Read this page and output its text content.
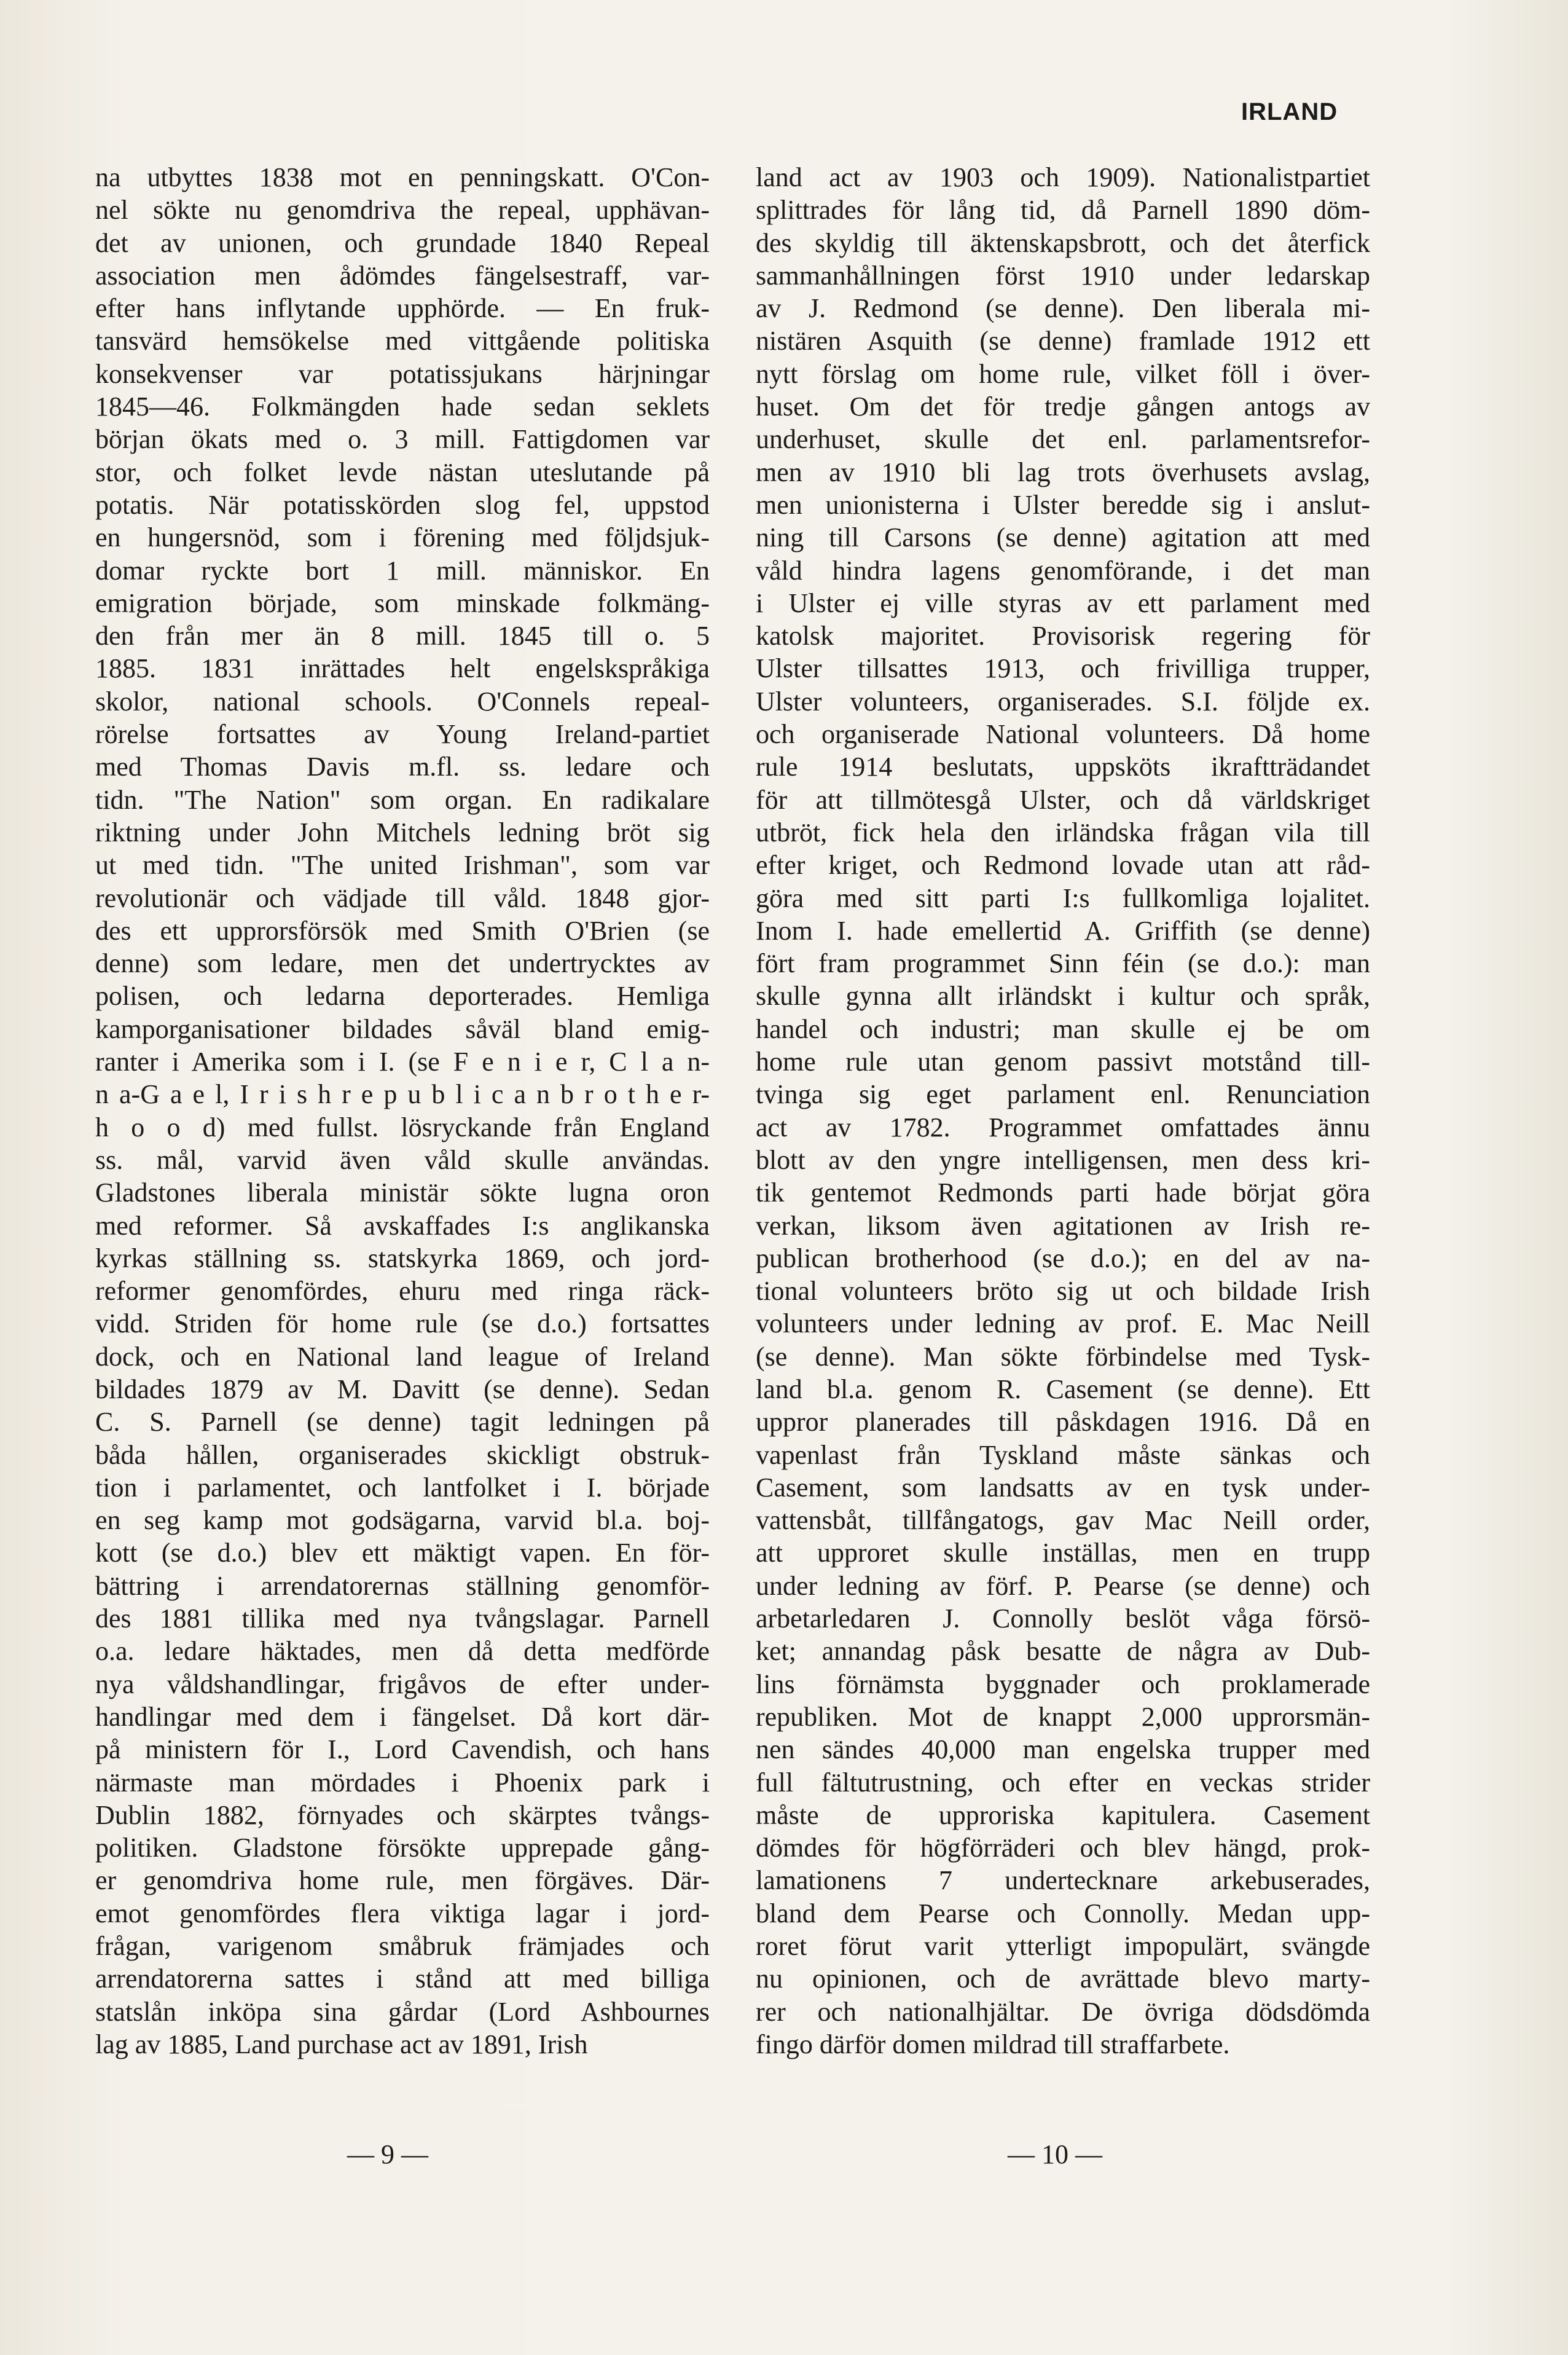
IRLAND
na utbyttes 1838 mot en penningskatt. O'Con-
nel sökte nu genomdriva the repeal, upphävan-
det av unionen, och grundade 1840 Repeal
association men ådömdes fängelsestraff, var-
efter hans inflytande upphörde. — En fruk-
tansvärd hemsökelse med vittgående politiska
konsekvenser var potatissjukans härjningar
1845—46. Folkmängden hade sedan seklets
början ökats med o. 3 mill. Fattigdomen var
stor, och folket levde nästan uteslutande på
potatis. När potatisskörden slog fel, uppstod
en hungersnöd, som i förening med följdsjuk-
domar ryckte bort 1 mill. människor. En
emigration började, som minskade folkmäng-
den från mer än 8 mill. 1845 till o. 5
1885. 1831 inrättades helt engelskspråkiga
skolor, national schools. O'Connels repeal-
rörelse fortsattes av Young Ireland-partiet
med Thomas Davis m.fl. ss. ledare och
tidn. "The Nation" som organ. En radikalare
riktning under John Mitchels ledning bröt sig
ut med tidn. "The united Irishman", som var
revolutionär och vädjade till våld. 1848 gjor-
des ett upprorsförsök med Smith O'Brien (se
denne) som ledare, men det undertrycktes av
polisen, och ledarna deporterades. Hemliga
kamporganisationer bildades såväl bland emig-
ranter i Amerika som i I. (se F e n i e r, C l a n-
n a-G a e l, I r i s h r e p u b l i c a n b r o t h e r-
h o o d) med fullst. lösryckande från England
ss. mål, varvid även våld skulle användas.
Gladstones liberala ministär sökte lugna oron
med reformer. Så avskaffades I:s anglikanska
kyrkas ställning ss. statskyrka 1869, och jord-
reformer genomfördes, ehuru med ringa räck-
vidd. Striden för home rule (se d.o.) fortsattes
dock, och en National land league of Ireland
bildades 1879 av M. Davitt (se denne). Sedan
C. S. Parnell (se denne) tagit ledningen på
båda hållen, organiserades skickligt obstruk-
tion i parlamentet, och lantfolket i I. började
en seg kamp mot godsägarna, varvid bl.a. boj-
kott (se d.o.) blev ett mäktigt vapen. En för-
bättring i arrendatorernas ställning genomför-
des 1881 tillika med nya tvångslagar. Parnell
o.a. ledare häktades, men då detta medförde
nya våldshandlingar, frigåvos de efter under-
handlingar med dem i fängelset. Då kort där-
på ministern för I., Lord Cavendish, och hans
närmaste man mördades i Phoenix park i
Dublin 1882, förnyades och skärptes tvångs-
politiken. Gladstone försökte upprepade gång-
er genomdriva home rule, men förgäves. Där-
emot genomfördes flera viktiga lagar i jord-
frågan, varigenom småbruk främjades och
arrendatorerna sattes i stånd att med billiga
statslån inköpa sina gårdar (Lord Ashbournes
lag av 1885, Land purchase act av 1891, Irish
land act av 1903 och 1909). Nationalistpartiet
splittrades för lång tid, då Parnell 1890 döm-
des skyldig till äktenskapsbrott, och det återfick
sammanhållningen först 1910 under ledarskap
av J. Redmond (se denne). Den liberala mi-
nistären Asquith (se denne) framlade 1912 ett
nytt förslag om home rule, vilket föll i över-
huset. Om det för tredje gången antogs av
underhuset, skulle det enl. parlamentsrefor-
men av 1910 bli lag trots överhusets avslag,
men unionisterna i Ulster beredde sig i anslut-
ning till Carsons (se denne) agitation att med
våld hindra lagens genomförande, i det man
i Ulster ej ville styras av ett parlament med
katolsk majoritet. Provisorisk regering för
Ulster tillsattes 1913, och frivilliga trupper,
Ulster volunteers, organiserades. S.I. följde ex.
och organiserade National volunteers. Då home
rule 1914 beslutats, uppsköts ikraftträdandet
för att tillmötesgå Ulster, och då världskriget
utbröt, fick hela den irländska frågan vila till
efter kriget, och Redmond lovade utan att råd-
göra med sitt parti I:s fullkomliga lojalitet.
Inom I. hade emellertid A. Griffith (se denne)
fört fram programmet Sinn féin (se d.o.): man
skulle gynna allt irländskt i kultur och språk,
handel och industri; man skulle ej be om
home rule utan genom passivt motstånd till-
tvinga sig eget parlament enl. Renunciation
act av 1782. Programmet omfattades ännu
blott av den yngre intelligensen, men dess kri-
tik gentemot Redmonds parti hade börjat göra
verkan, liksom även agitationen av Irish re-
publican brotherhood (se d.o.); en del av na-
tional volunteers bröto sig ut och bildade Irish
volunteers under ledning av prof. E. Mac Neill
(se denne). Man sökte förbindelse med Tysk-
land bl.a. genom R. Casement (se denne). Ett
uppror planerades till påskdagen 1916. Då en
vapenlast från Tyskland måste sänkas och
Casement, som landsatts av en tysk under-
vattensbåt, tillfångatogs, gav Mac Neill order,
att upproret skulle inställas, men en trupp
under ledning av förf. P. Pearse (se denne) och
arbetarledaren J. Connolly beslöt våga försö-
ket; annandag påsk besatte de några av Dub-
lins förnämsta byggnader och proklamerade
republiken. Mot de knappt 2,000 upprorsmän-
nen sändes 40,000 man engelska trupper med
full fältutrustning, och efter en veckas strider
måste de upproriska kapitulera. Casement
dömdes för högförräderi och blev hängd, prok-
lamationens 7 undertecknare arkebuserades,
bland dem Pearse och Connolly. Medan upp-
roret förut varit ytterligt impopulärt, svängde
nu opinionen, och de avrättade blevo marty-
rer och nationalhjältar. De övriga dödsdömda
fingo därför domen mildrad till straffarbete.
— 9 —	— 10 —
